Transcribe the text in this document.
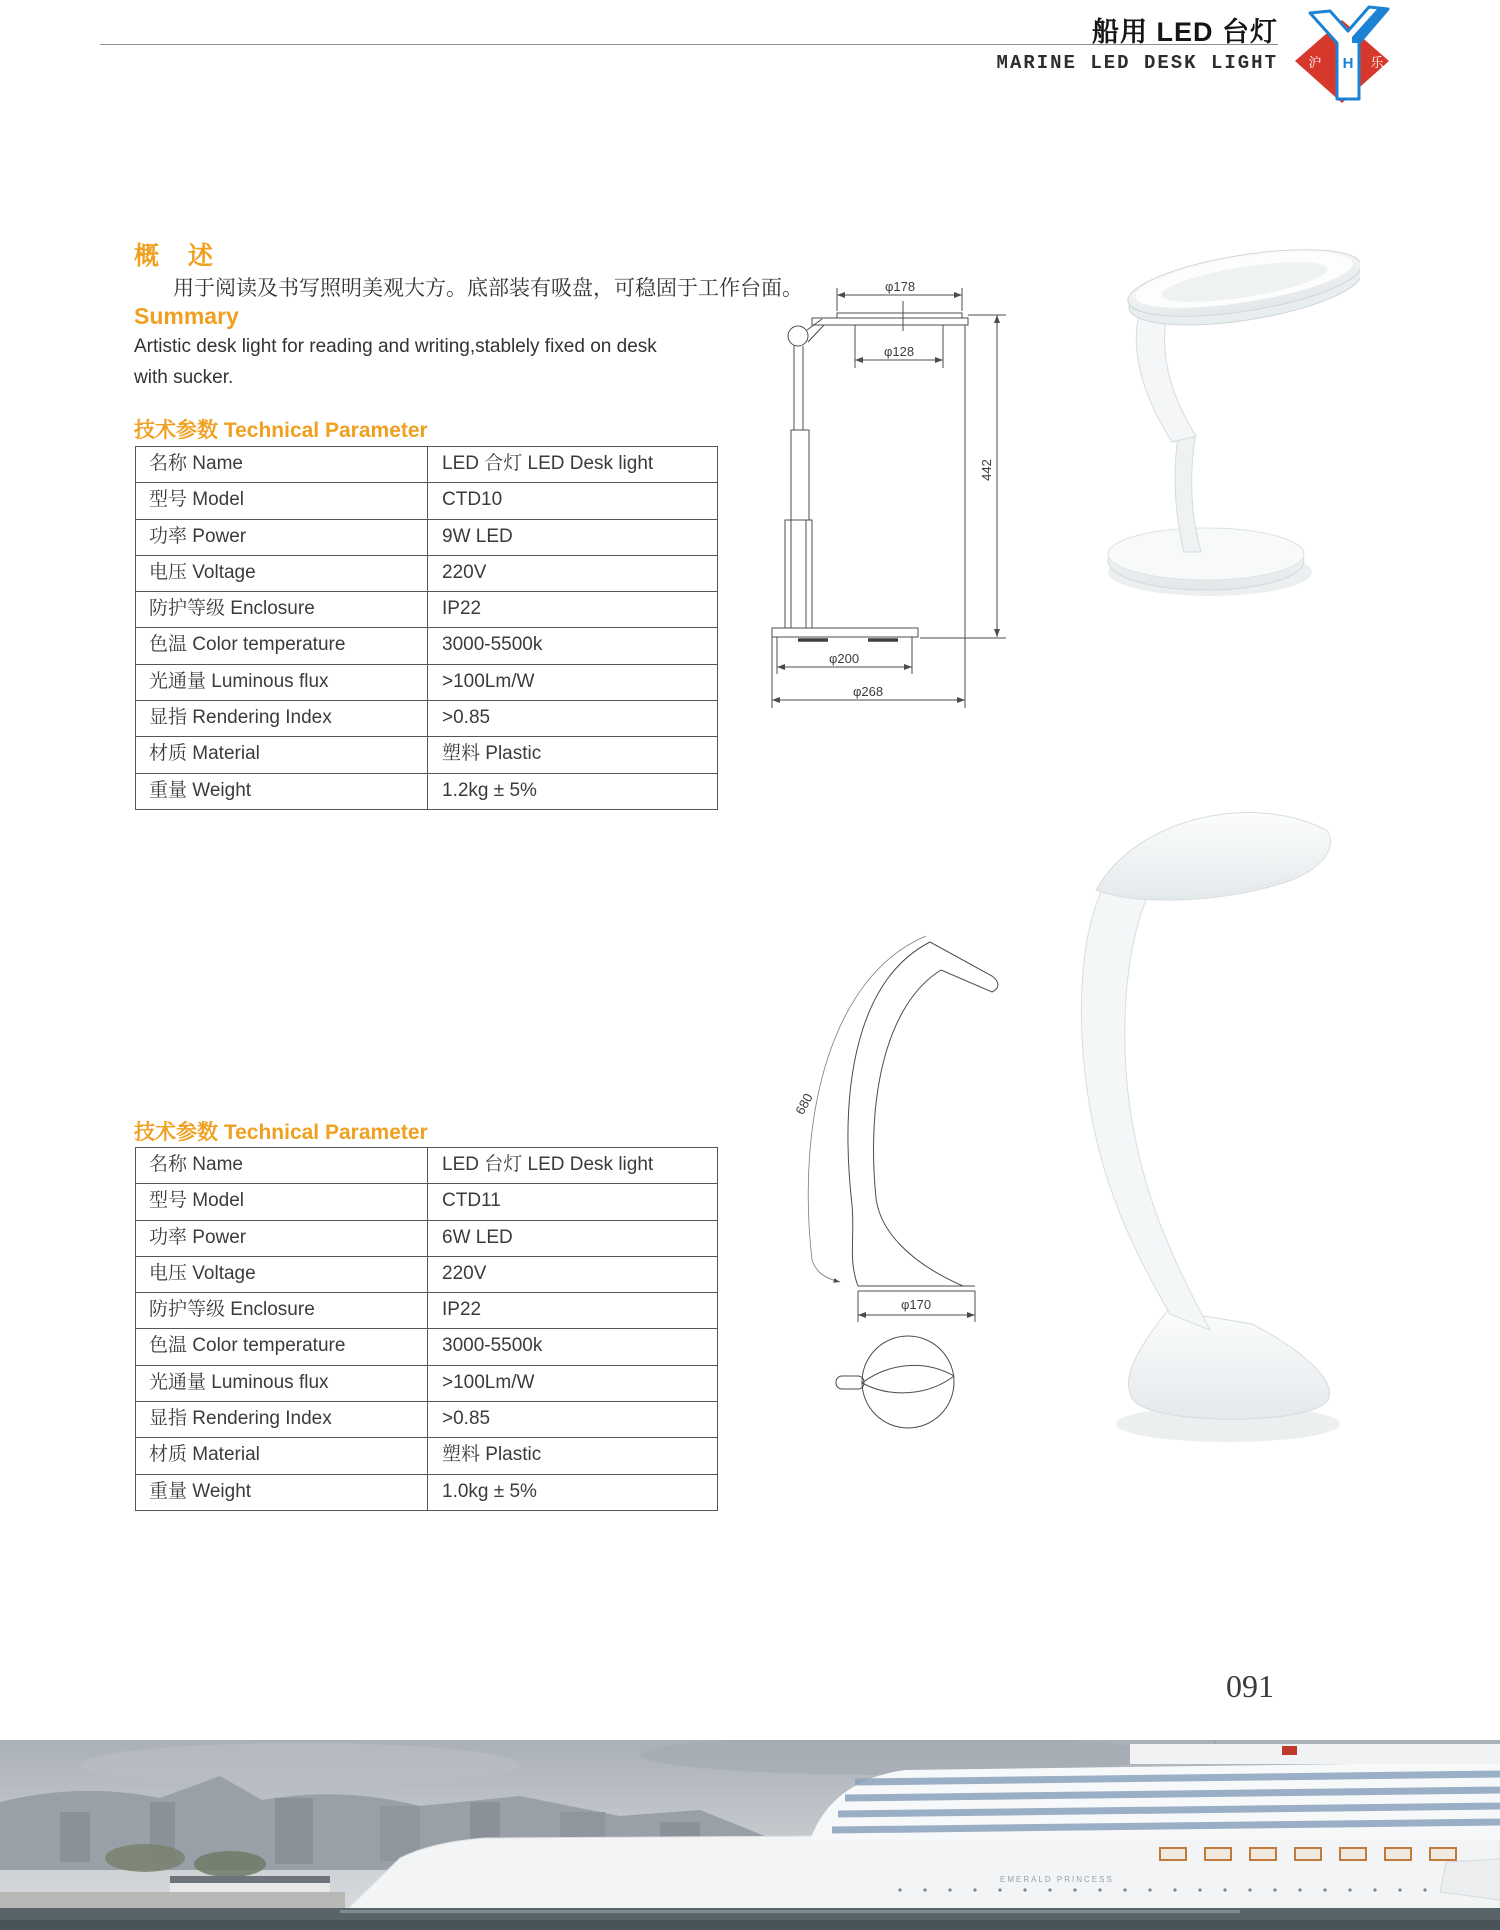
船用 LED 台灯
MARINE LED DESK LIGHT 沪 H 乐
概　述
用于阅读及书写照明美观大方。底部装有吸盘，可稳固于工作台面。
Summary
Artistic desk light for reading and writing,stablely fixed on desk
with sucker.
技术参数 Technical Parameter
名称 Name	LED 合灯 LED Desk light
型号 Model	CTD10
功率 Power	9W LED
电压 Voltage	220V
防护等级 Enclosure	IP22
色温 Color temperature	3000-5500k
光通量 Luminous flux	>100Lm/W
显指 Rendering Index	>0.85
材质 Material	塑料 Plastic
重量 Weight	1.2kg ± 5%
φ178
φ128
442
φ200
φ268
技术参数 Technical Parameter
名称 Name	LED 台灯 LED Desk light
型号 Model	CTD11
功率 Power	6W LED
电压 Voltage	220V
防护等级 Enclosure	IP22
色温 Color temperature	3000-5500k
光通量 Luminous flux	>100Lm/W
显指 Rendering Index	>0.85
材质 Material	塑料 Plastic
重量 Weight	1.0kg ± 5%
680
φ170
091
EMERALD PRINCESS
